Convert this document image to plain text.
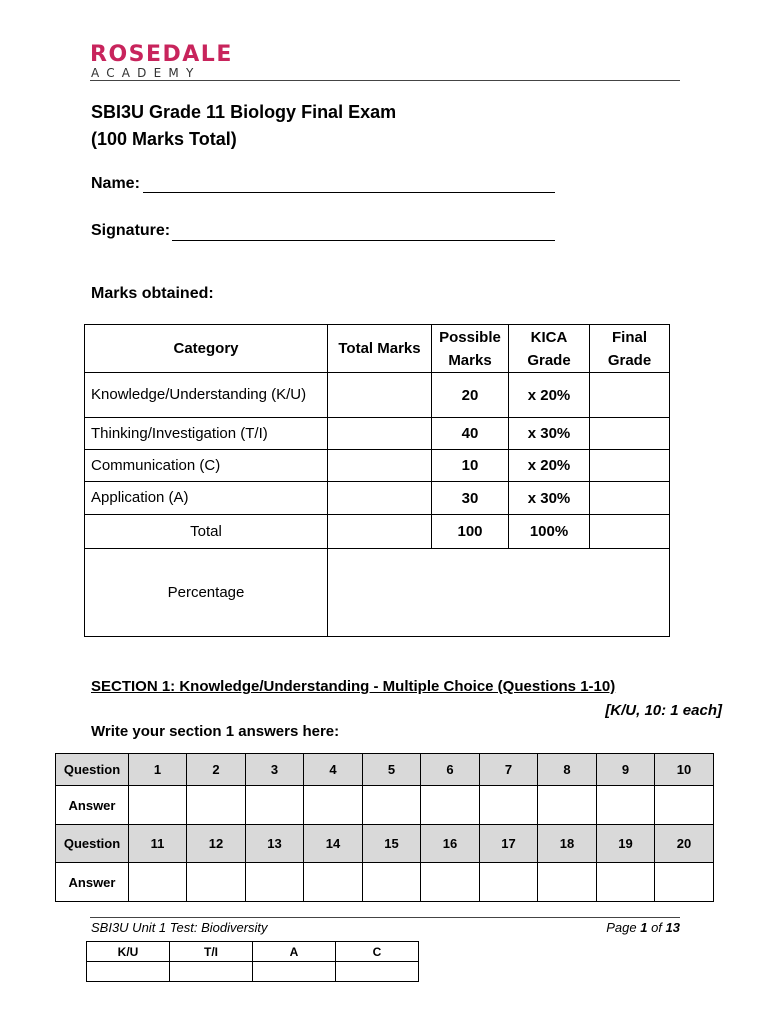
ROSEDALE
ACADEMY
SBI3U Grade 11 Biology Final Exam
(100 Marks Total)
Name:
Signature:
Marks obtained:
Category	Total Marks	Possible Marks	KICA Grade	Final Grade
Knowledge/Understanding (K/U)		20	x 20%	
Thinking/Investigation (T/I)		40	x 30%	
Communication (C)		10	x 20%	
Application (A)		30	x 30%	
Total		100	100%	
Percentage				
SECTION 1: Knowledge/Understanding - Multiple Choice (Questions 1-10)
[K/U, 10: 1 each]
Write your section 1 answers here:
Question	1	2	3	4	5	6	7	8	9	10
Answer										
Question	11	12	13	14	15	16	17	18	19	20
Answer										
SBI3U Unit 1 Test: Biodiversity	Page 1 of 13
K/U	T/I	A	C
